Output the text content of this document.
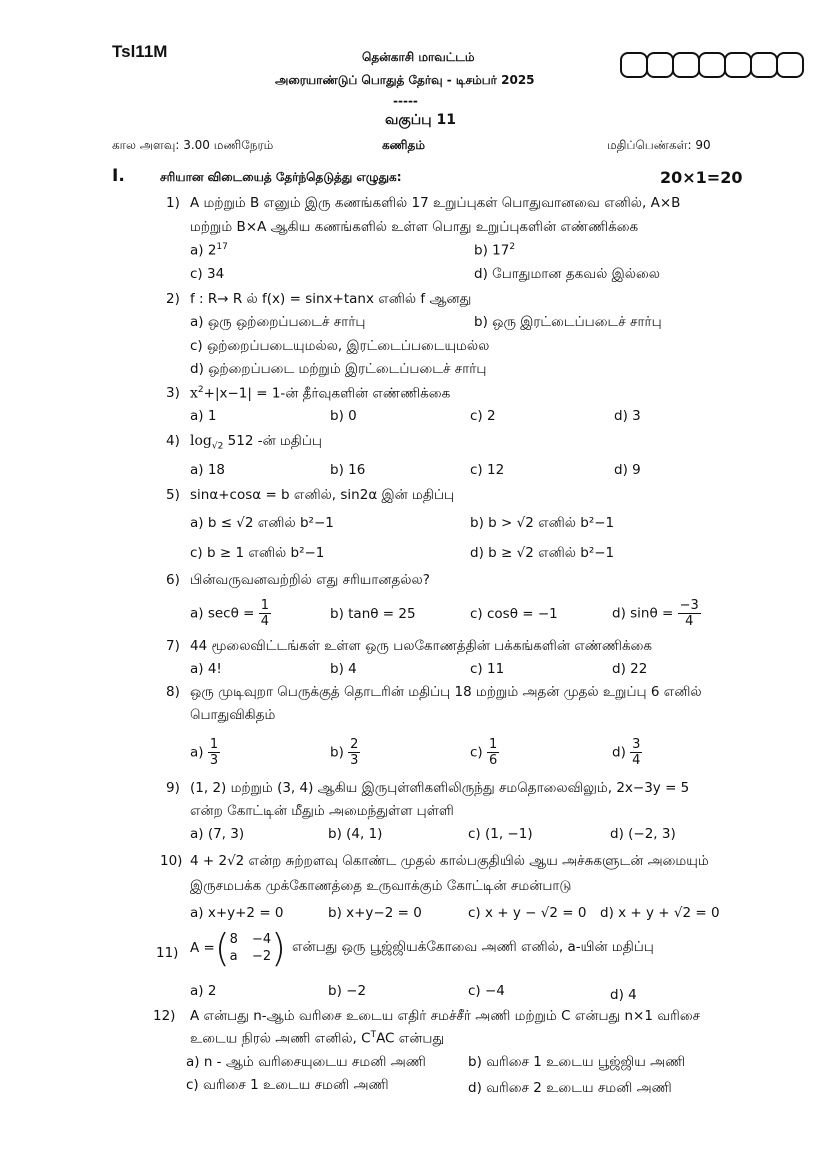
Tsl11M	தென்காசி மாவட்டம்
அரையாண்டுப் பொதுத் தேர்வு - டிசம்பர் 2025
-----
வகுப்பு 11
கால அளவு: 3.00 மணிநேரம்	கணிதம்	மதிப்பெண்கள்: 90
I.	சரியான விடையைத் தேர்ந்தெடுத்து எழுதுக:	20×1=20
1) A மற்றும் B எனும் இரு கணங்களில் 17 உறுப்புகள் பொதுவானவை எனில், A×B
மற்றும் B×A ஆகிய கணங்களில் உள்ள பொது உறுப்புகளின் எண்ணிக்கை
a) $2^{17}$	b) $17^2$
c) 34	d) போதுமான தகவல் இல்லை
2) f : R→ R ல் f(x) = sinx+tanx எனில் f ஆனது
a) ஒரு ஒற்றைப்படைச் சார்பு	b) ஒரு இரட்டைப்படைச் சார்பு
c) ஒற்றைப்படையுமல்ல, இரட்டைப்படையுமல்ல
d) ஒற்றைப்படை மற்றும் இரட்டைப்படைச் சார்பு
3) $x^2+|x-1|$ = 1-ன் தீர்வுகளின் எண்ணிக்கை
a) 1	b) 0	c) 2	d) 3
4) $\log_{√2} 512$ -ன் மதிப்பு
a) 18	b) 16	c) 12	d) 9
5) sinα+cosα = b எனில், sin2α இன் மதிப்பு
a) b ≤ √2 எனில் b²−1	b) b > √2 எனில் b²−1
c) b ≥ 1 எனில் b²−1	d) b ≥ √2 எனில் b²−1
6) பின்வருவனவற்றில் எது சரியானதல்ல?
a) $\sec\theta = \frac{1}{4}$	b) tanθ = 25	c) cosθ = −1	d) $\sin\theta = \frac{-3}{4}$
7) 44 மூலைவிட்டங்கள் உள்ள ஒரு பலகோணத்தின் பக்கங்களின் எண்ணிக்கை
a) 4!	b) 4	c) 11	d) 22
8) ஒரு முடிவுறா பெருக்குத் தொடரின் மதிப்பு 18 மற்றும் அதன் முதல் உறுப்பு 6 எனில்
பொதுவிகிதம்
$a) \frac{1}{3}$	$b) \frac{2}{3}$	$c) \frac{1}{6}$	$d) \frac{3}{4}$
9) (1, 2) மற்றும் (3, 4) ஆகிய இருபுள்ளிகளிலிருந்து சமதொலைவிலும், 2x−3y = 5
என்ற கோட்டின் மீதும் அமைந்துள்ள புள்ளி
a) (7, 3)	b) (4, 1)	c) (1, −1)	d) (−2, 3)
10) 4 + 2√2 என்ற சுற்றளவு கொண்ட முதல் கால்பகுதியில் ஆய அச்சுகளுடன் அமையும்
இருசமபக்க முக்கோணத்தை உருவாக்கும் கோட்டின் சமன்பாடு
a) x+y+2 = 0	b) x+y−2 = 0	c) x + y − √2 = 0 d) x + y + √2 = 0
11) A = ( 8 −4
a −2 ) என்பது ஒரு பூஜ்ஜியக்கோவை அணி எனில், a-யின் மதிப்பு
a) 2	b) −2	c) −4	d) 4
12) A என்பது n-ஆம் வரிசை உடைய எதிர் சமச்சீர் அணி மற்றும் C என்பது n×1 வரிசை
உடைய நிரல் அணி எனில், $C^TAC$ என்பது
a) n - ஆம் வரிசையுடைய சமனி அணி	b) வரிசை 1 உடைய பூஜ்ஜிய அணி
c) வரிசை 1 உடைய சமனி அணி	d) வரிசை 2 உடைய சமனி அணி
